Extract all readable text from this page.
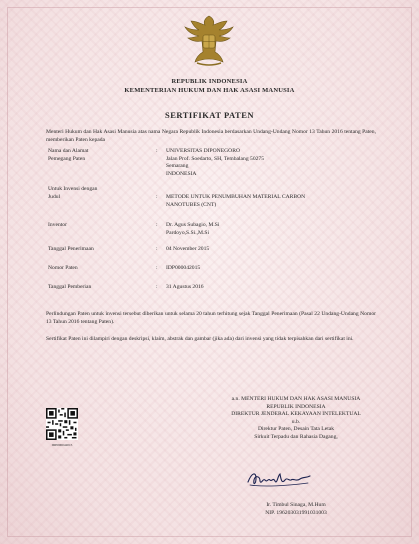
REPUBLIK INDONESIA
KEMENTERIAN HUKUM DAN HAK ASASI MANUSIA
SERTIFIKAT PATEN
Menteri Hukum dan Hak Asasi Manusia atas nama Negara Republik Indonesia berdasarkan Undang-Undang Nomor 13 Tahun 2016 tentang Paten, memberikan Paten kepada
Nama dan Alamat
Pemegang Paten
: UNIVERSITAS DIPONEGORO
Jalan Prof. Soedarto, SH, Tembalang 50275
Semarang
INDONESIA
Untuk Invensi dengan
Judul	: METODE UNTUK PENUMBUHAN MATERIAL CARBON
NANOTUBES (CNT)
Inventor	: Dr. Agus Subagio, M.Si
Pardoyo,S.Si.,M.Si
Tanggal Penerimaan	: 04 November 2015
Nomor Paten	: IDP000042015
Tanggal Pemberian	: 31 Agustus 2016
Perlindungan Paten untuk invensi tersebut diberikan untuk selama 20 tahun terhitung sejak Tanggal Penerimaan (Pasal 22 Undang-Undang Nomor 13 Tahun 2016 tentang Paten).
Sertifikat Paten ini dilampiri dengan deskripsi, klaim, abstrak dan gambar (jika ada) dari invensi yang tidak terpisahkan dari sertifikat ini.
IDP000042015
a.n. MENTERI HUKUM DAN HAK ASASI MANUSIA
REPUBLIK INDONESIA
DIREKTUR JENDERAL KEKAYAAN INTELEKTUAL
u.b.
Direktur Paten, Desain Tata Letak
Sirkuit Terpadu dan Rahasia Dagang,
Ir. Timbul Sinaga, M.Hum
NIP. 196203031991031003
